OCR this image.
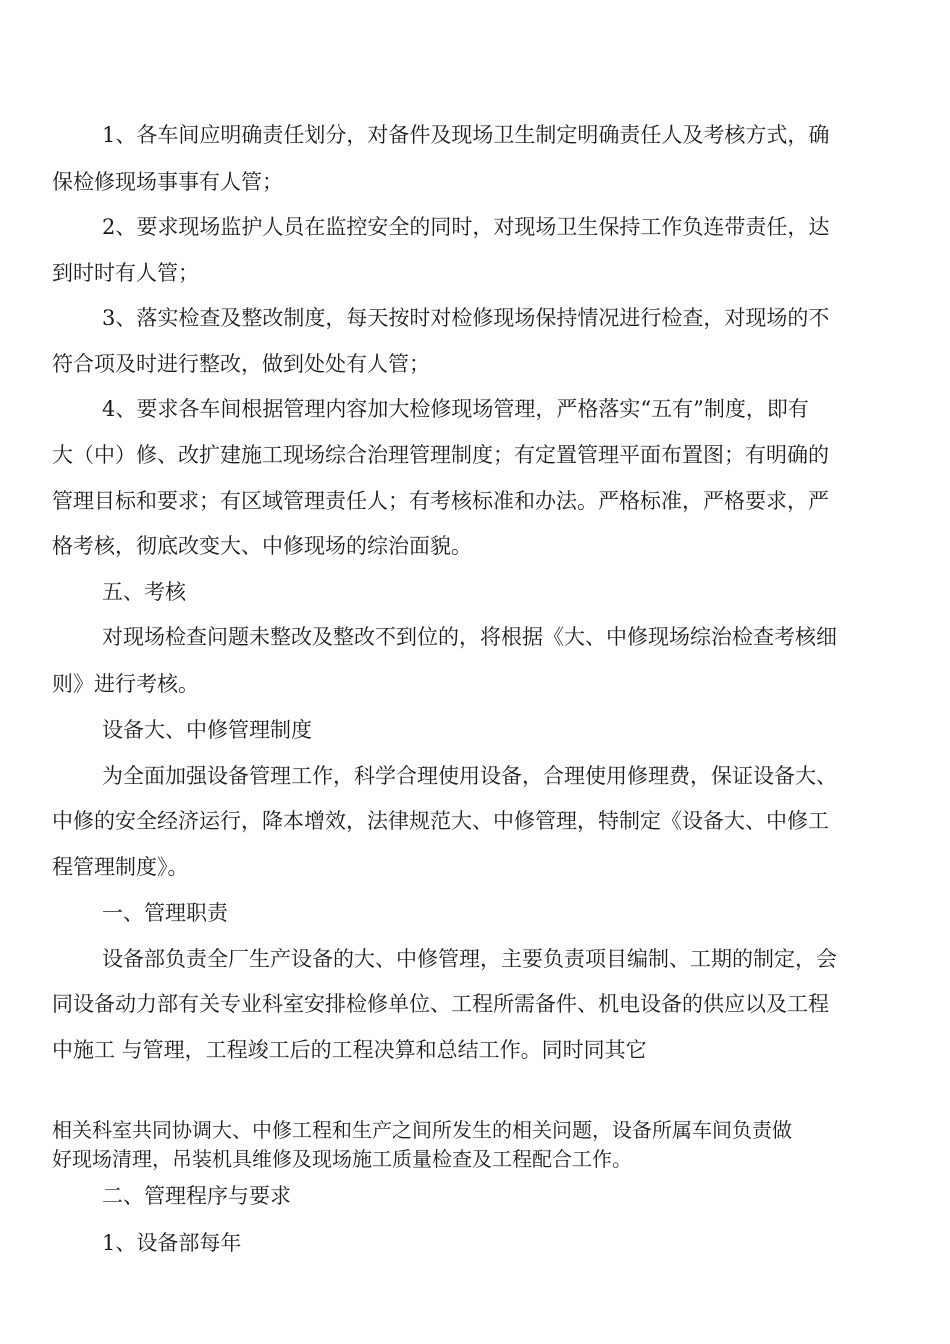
1、各车间应明确责任划分，对备件及现场卫生制定明确责任人及考核方式，确

保检修现场事事有人管；

2、要求现场监护人员在监控安全的同时，对现场卫生保持工作负连带责任，达

到时时有人管；

3、落实检查及整改制度，每天按时对检修现场保持情况进行检查，对现场的不

符合项及时进行整改，做到处处有人管；

4、要求各车间根据管理内容加大检修现场管理，严格落实“五有”制度，即有

大（中）修、改扩建施工现场综合治理管理制度；有定置管理平面布置图；有明确的

管理目标和要求；有区域管理责任人；有考核标准和办法。严格标准，严格要求，严

格考核，彻底改变大、中修现场的综治面貌。

五、考核

对现场检查问题未整改及整改不到位的，将根据《大、中修现场综治检查考核细

则》进行考核。

设备大、中修管理制度

为全面加强设备管理工作，科学合理使用设备，合理使用修理费，保证设备大、

中修的安全经济运行，降本增效，法律规范大、中修管理，特制定《设备大、中修工

程管理制度》。

一、管理职责

设备部负责全厂生产设备的大、中修管理，主要负责项目编制、工期的制定，会

同设备动力部有关专业科室安排检修单位、工程所需备件、机电设备的供应以及工程

中施工 与管理，工程竣工后的工程决算和总结工作。同时同其它

相关科室共同协调大、中修工程和生产之间所发生的相关问题，设备所属车间负责做

好现场清理，吊装机具维修及现场施工质量检查及工程配合工作。

二、管理程序与要求

1、设备部每年
